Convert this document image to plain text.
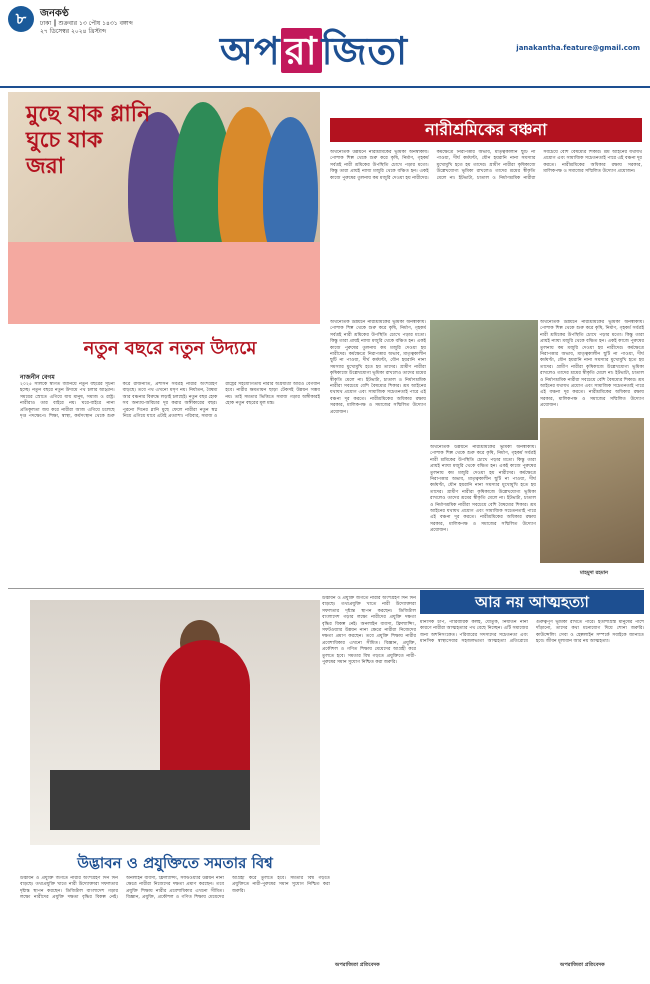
৮	জনকণ্ঠ
ঢাকা ║ শুক্রবার ১৩ পৌষ ১৪৩১ বঙ্গাব্দ
২৭ ডিসেম্বর ২০২৪ খ্রিস্টাব্দ	অপ রা জিতা	janakantha.feature@gmail.com
মুছে যাক গ্লানি
ঘুচে যাক
জরা
নতুন বছরে নতুন উদ্যমে
নাজনীন বেগম
২০২৫ সালকে স্বাগত জানিয়ে নতুন বছরের সূচনা হচ্ছে। নতুন বছরে নতুন উদ্যমে পথ চলার আহ্বান। সময়ের স্রোতে এগিয়ে যায় মানুষ, সমাজ ও রাষ্ট্র। নারীরাও তার বাইরে নয়। ঘরে-বাইরে নানা প্রতিকূলতা জয় করে নারীরা আজ এগিয়ে চলেছে দৃপ্ত পদক্ষেপে। শিক্ষা, স্বাস্থ্য, কর্মসংস্থান থেকে শুরু করে রাজনীতি, প্রশাসন সর্বত্রই নারীর অংশগ্রহণ বাড়ছে। তবে পথ এখনো মসৃণ নয়। নির্যাতন, বৈষম্য আর বঞ্চনার বিরুদ্ধে লড়াই চলছেই। নতুন বছর হোক সব অন্যায়-অবিচার দূর করার অঙ্গীকারের বছর। পুরনো দিনের গ্লানি মুছে ফেলে নারীরা নতুন স্বপ্ন নিয়ে এগিয়ে যাবে এটাই প্রত্যাশা। পরিবার, সমাজ ও রাষ্ট্রের সহযোগিতায় নারীর অগ্রযাত্রা আরও বেগবান হবে। নারীর ক্ষমতায়ন ছাড়া টেকসই উন্নয়ন সম্ভব নয়। তাই সমতার ভিত্তিতে সমাজ গড়ার অঙ্গীকারই হোক নতুন বছরের মূল মন্ত্র।
নারীশ্রমিকের বঞ্চনা
অর্থনৈতিক উন্নয়নে নারীশ্রমিকের ভূমিকা অনস্বীকার্য। পোশাক শিল্প থেকে শুরু করে কৃষি, নির্মাণ, গৃহকর্ম সর্বত্রই নারী শ্রমিকের উপস্থিতি চোখে পড়ার মতো। কিন্তু তারা প্রায়ই ন্যায্য মজুরি থেকে বঞ্চিত হন। একই কাজে পুরুষের তুলনায় কম মজুরি দেওয়া হয় নারীদের। কর্মক্ষেত্রে নিরাপত্তার অভাব, মাতৃত্বকালীন ছুটি না পাওয়া, দীর্ঘ কর্মঘণ্টা, যৌন হয়রানি নানা সমস্যার মুখোমুখি হতে হয় তাদের। গ্রামীণ নারীরা কৃষিকাজে উল্লেখযোগ্য ভূমিকা রাখলেও তাদের শ্রমের স্বীকৃতি মেলে না। ইটভাটা, চাতাল ও নির্মাণশ্রমিক নারীরা সবচেয়ে বেশি বৈষম্যের শিকার। শ্রম আইনের যথাযথ প্রয়োগ এবং সামাজিক সচেতনতাই পারে এই বঞ্চনা দূর করতে। নারীশ্রমিকের অধিকার রক্ষায় সরকার, মালিকপক্ষ ও সমাজের সম্মিলিত উদ্যোগ প্রয়োজন।
অর্থনৈতিক উন্নয়নে নারীশ্রমিকের ভূমিকা অনস্বীকার্য। পোশাক শিল্প থেকে শুরু করে কৃষি, নির্মাণ, গৃহকর্ম সর্বত্রই নারী শ্রমিকের উপস্থিতি চোখে পড়ার মতো। কিন্তু তারা প্রায়ই ন্যায্য মজুরি থেকে বঞ্চিত হন। একই কাজে পুরুষের তুলনায় কম মজুরি দেওয়া হয় নারীদের। কর্মক্ষেত্রে নিরাপত্তার অভাব, মাতৃত্বকালীন ছুটি না পাওয়া, দীর্ঘ কর্মঘণ্টা, যৌন হয়রানি নানা সমস্যার মুখোমুখি হতে হয় তাদের। গ্রামীণ নারীরা কৃষিকাজে উল্লেখযোগ্য ভূমিকা রাখলেও তাদের শ্রমের স্বীকৃতি মেলে না। ইটভাটা, চাতাল ও নির্মাণশ্রমিক নারীরা সবচেয়ে বেশি বৈষম্যের শিকার। শ্রম আইনের যথাযথ প্রয়োগ এবং সামাজিক সচেতনতাই পারে এই বঞ্চনা দূর করতে। নারীশ্রমিকের অধিকার রক্ষায় সরকার, মালিকপক্ষ ও সমাজের সম্মিলিত উদ্যোগ প্রয়োজন।
অর্থনৈতিক উন্নয়নে নারীশ্রমিকের ভূমিকা অনস্বীকার্য। পোশাক শিল্প থেকে শুরু করে কৃষি, নির্মাণ, গৃহকর্ম সর্বত্রই নারী শ্রমিকের উপস্থিতি চোখে পড়ার মতো। কিন্তু তারা প্রায়ই ন্যায্য মজুরি থেকে বঞ্চিত হন। একই কাজে পুরুষের তুলনায় কম মজুরি দেওয়া হয় নারীদের। কর্মক্ষেত্রে নিরাপত্তার অভাব, মাতৃত্বকালীন ছুটি না পাওয়া, দীর্ঘ কর্মঘণ্টা, যৌন হয়রানি নানা সমস্যার মুখোমুখি হতে হয় তাদের। গ্রামীণ নারীরা কৃষিকাজে উল্লেখযোগ্য ভূমিকা রাখলেও তাদের শ্রমের স্বীকৃতি মেলে না। ইটভাটা, চাতাল ও নির্মাণশ্রমিক নারীরা সবচেয়ে বেশি বৈষম্যের শিকার। শ্রম আইনের যথাযথ প্রয়োগ এবং সামাজিক সচেতনতাই পারে এই বঞ্চনা দূর করতে। নারীশ্রমিকের অধিকার রক্ষায় সরকার, মালিকপক্ষ ও সমাজের সম্মিলিত উদ্যোগ প্রয়োজন।
অর্থনৈতিক উন্নয়নে নারীশ্রমিকের ভূমিকা অনস্বীকার্য। পোশাক শিল্প থেকে শুরু করে কৃষি, নির্মাণ, গৃহকর্ম সর্বত্রই নারী শ্রমিকের উপস্থিতি চোখে পড়ার মতো। কিন্তু তারা প্রায়ই ন্যায্য মজুরি থেকে বঞ্চিত হন। একই কাজে পুরুষের তুলনায় কম মজুরি দেওয়া হয় নারীদের। কর্মক্ষেত্রে নিরাপত্তার অভাব, মাতৃত্বকালীন ছুটি না পাওয়া, দীর্ঘ কর্মঘণ্টা, যৌন হয়রানি নানা সমস্যার মুখোমুখি হতে হয় তাদের। গ্রামীণ নারীরা কৃষিকাজে উল্লেখযোগ্য ভূমিকা রাখলেও তাদের শ্রমের স্বীকৃতি মেলে না। ইটভাটা, চাতাল ও নির্মাণশ্রমিক নারীরা সবচেয়ে বেশি বৈষম্যের শিকার। শ্রম আইনের যথাযথ প্রয়োগ এবং সামাজিক সচেতনতাই পারে এই বঞ্চনা দূর করতে। নারীশ্রমিকের অধিকার রক্ষায় সরকার, মালিকপক্ষ ও সমাজের সম্মিলিত উদ্যোগ প্রয়োজন।
মাহমুদা রহমান
উদ্ভাবন ও প্রযুক্তি জগতে নারীর অংশগ্রহণ দিন দিন বাড়ছে। তথ্যপ্রযুক্তি খাতে নারী উদ্যোক্তারা সফলতার দৃষ্টান্ত স্থাপন করছেন। ডিজিটাল বাংলাদেশ গড়ার লক্ষ্যে নারীদের প্রযুক্তি দক্ষতা বৃদ্ধির বিকল্প নেই। অনলাইন ব্যবসা, ফ্রিল্যান্সিং, সফটওয়্যার উন্নয়ন নানা ক্ষেত্রে নারীরা নিজেদের দক্ষতা প্রমাণ করছেন। তবে প্রযুক্তি শিক্ষায় নারীর প্রবেশাধিকার এখনো সীমিত। বিজ্ঞান, প্রযুক্তি, প্রকৌশল ও গণিত শিক্ষায় মেয়েদের আগ্রহী করে তুলতে হবে। সমতার বিশ্ব গড়তে প্রযুক্তিতে নারী-পুরুষের সমান সুযোগ নিশ্চিত করা জরুরি।
উদ্ভাবন ও প্রযুক্তিতে সমতার বিশ্ব
উদ্ভাবন ও প্রযুক্তি জগতে নারীর অংশগ্রহণ দিন দিন বাড়ছে। তথ্যপ্রযুক্তি খাতে নারী উদ্যোক্তারা সফলতার দৃষ্টান্ত স্থাপন করছেন। ডিজিটাল বাংলাদেশ গড়ার লক্ষ্যে নারীদের প্রযুক্তি দক্ষতা বৃদ্ধির বিকল্প নেই। অনলাইন ব্যবসা, ফ্রিল্যান্সিং, সফটওয়্যার উন্নয়ন নানা ক্ষেত্রে নারীরা নিজেদের দক্ষতা প্রমাণ করছেন। তবে প্রযুক্তি শিক্ষায় নারীর প্রবেশাধিকার এখনো সীমিত। বিজ্ঞান, প্রযুক্তি, প্রকৌশল ও গণিত শিক্ষায় মেয়েদের আগ্রহী করে তুলতে হবে। সমতার বিশ্ব গড়তে প্রযুক্তিতে নারী-পুরুষের সমান সুযোগ নিশ্চিত করা জরুরি।
অপরাজিতা প্রতিবেদক
আর নয় আত্মহত্যা
মানসিক চাপ, পারিবারিক কলহ, যৌতুক, নির্যাতন নানা কারণে নারীরা আত্মহত্যার পথ বেছে নিচ্ছেন। এটি সমাজের জন্য অশনিসংকেত। পরিবারের সদস্যদের সচেতনতা এবং মানসিক স্বাস্থ্যসেবার সহজলভ্যতা আত্মহত্যা প্রতিরোধে গুরুত্বপূর্ণ ভূমিকা রাখতে পারে। হতাশাগ্রস্ত মানুষের পাশে দাঁড়ানো, তাদের কথা মনোযোগ দিয়ে শোনা জরুরি। কাউন্সেলিং সেবা ও হেল্পলাইন সম্পর্কে সবাইকে জানাতে হবে। জীবন মূল্যবান আর নয় আত্মহত্যা।
অপরাজিতা প্রতিবেদক
